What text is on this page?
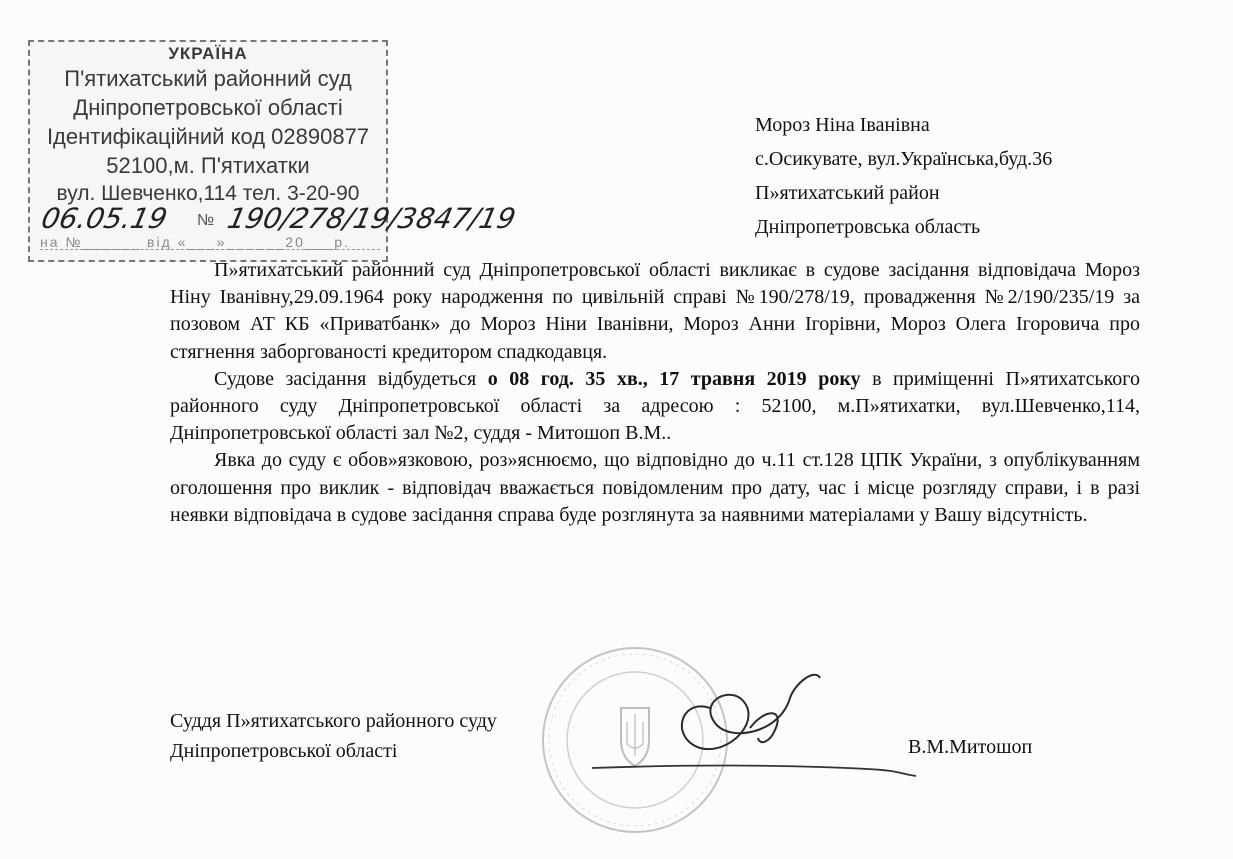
УКРАЇНА
П'ятихатський районний суд
Дніпропетровської області
Ідентифікаційний код 02890877
52100,м. П'ятихатки
вул. Шевченко,114 тел. 3-20-90
06.05.19 № 190/278/19/3847/19
на №______ від «___»______20___р.
Мороз Ніна Іванівна
с.Осикувате, вул.Українська,буд.36
П»ятихатський район
Дніпропетровська область

П»ятихатський районний суд Дніпропетровської області викликає в судове засідання відповідача Мороз Ніну Іванівну,29.09.1964 року народження по цивільній справі №190/278/19, провадження №2/190/235/19 за позовом АТ КБ «Приватбанк» до Мороз Ніни Іванівни, Мороз Анни Ігорівни, Мороз Олега Ігоровича про стягнення заборгованості кредитором спадкодавця.

Судове засідання відбудеться о 08 год. 35 хв., 17 травня 2019 року в приміщенні П»ятихатського районного суду Дніпропетровської області за адресою : 52100, м.П»ятихатки, вул.Шевченко,114, Дніпропетровської області зал №2, суддя - Митошоп В.М..

Явка до суду є обов»язковою, роз»яснюємо, що відповідно до ч.11 ст.128 ЦПК України, з опублікуванням оголошення про виклик - відповідач вважається повідомленим про дату, час і місце розгляду справи, і в разі неявки відповідача в судове засідання справа буде розглянута за наявними матеріалами у Вашу відсутність.

Суддя П»ятихатського районного суду
Дніпропетровської області	В.М.Митошоп
